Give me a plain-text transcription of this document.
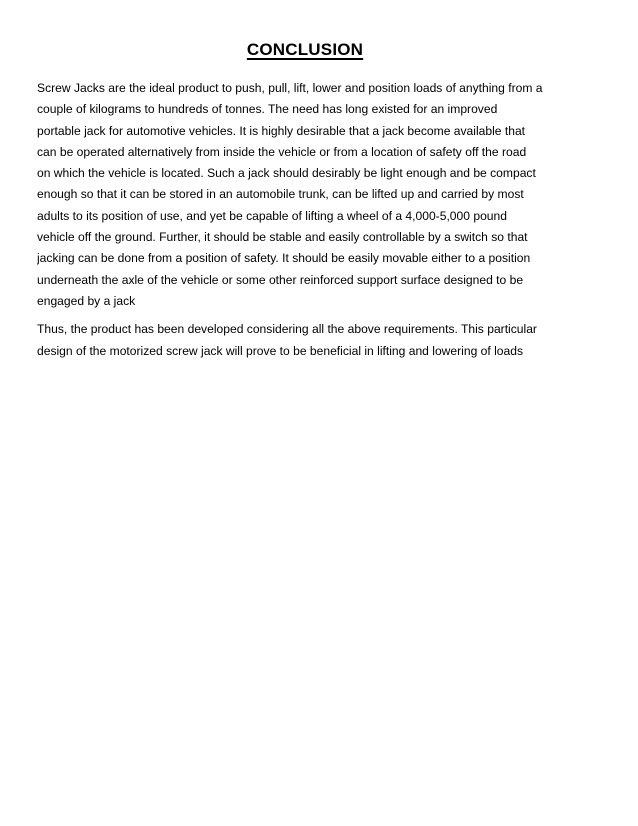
CONCLUSION
Screw Jacks are the ideal product to push, pull, lift, lower and position loads of anything from a
couple of kilograms to hundreds of tonnes. The need has long existed for an improved
portable jack for automotive vehicles. It is highly desirable that a jack become available that
can be operated alternatively from inside the vehicle or from a location of safety off the road
on which the vehicle is located. Such a jack should desirably be light enough and be compact
enough so that it can be stored in an automobile trunk, can be lifted up and carried by most
adults to its position of use, and yet be capable of lifting a wheel of a 4,000-5,000 pound
vehicle off the ground. Further, it should be stable and easily controllable by a switch so that
jacking can be done from a position of safety. It should be easily movable either to a position
underneath the axle of the vehicle or some other reinforced support surface designed to be
engaged by a jack
Thus, the product has been developed considering all the above requirements. This particular
design of the motorized screw jack will prove to be beneficial in lifting and lowering of loads
